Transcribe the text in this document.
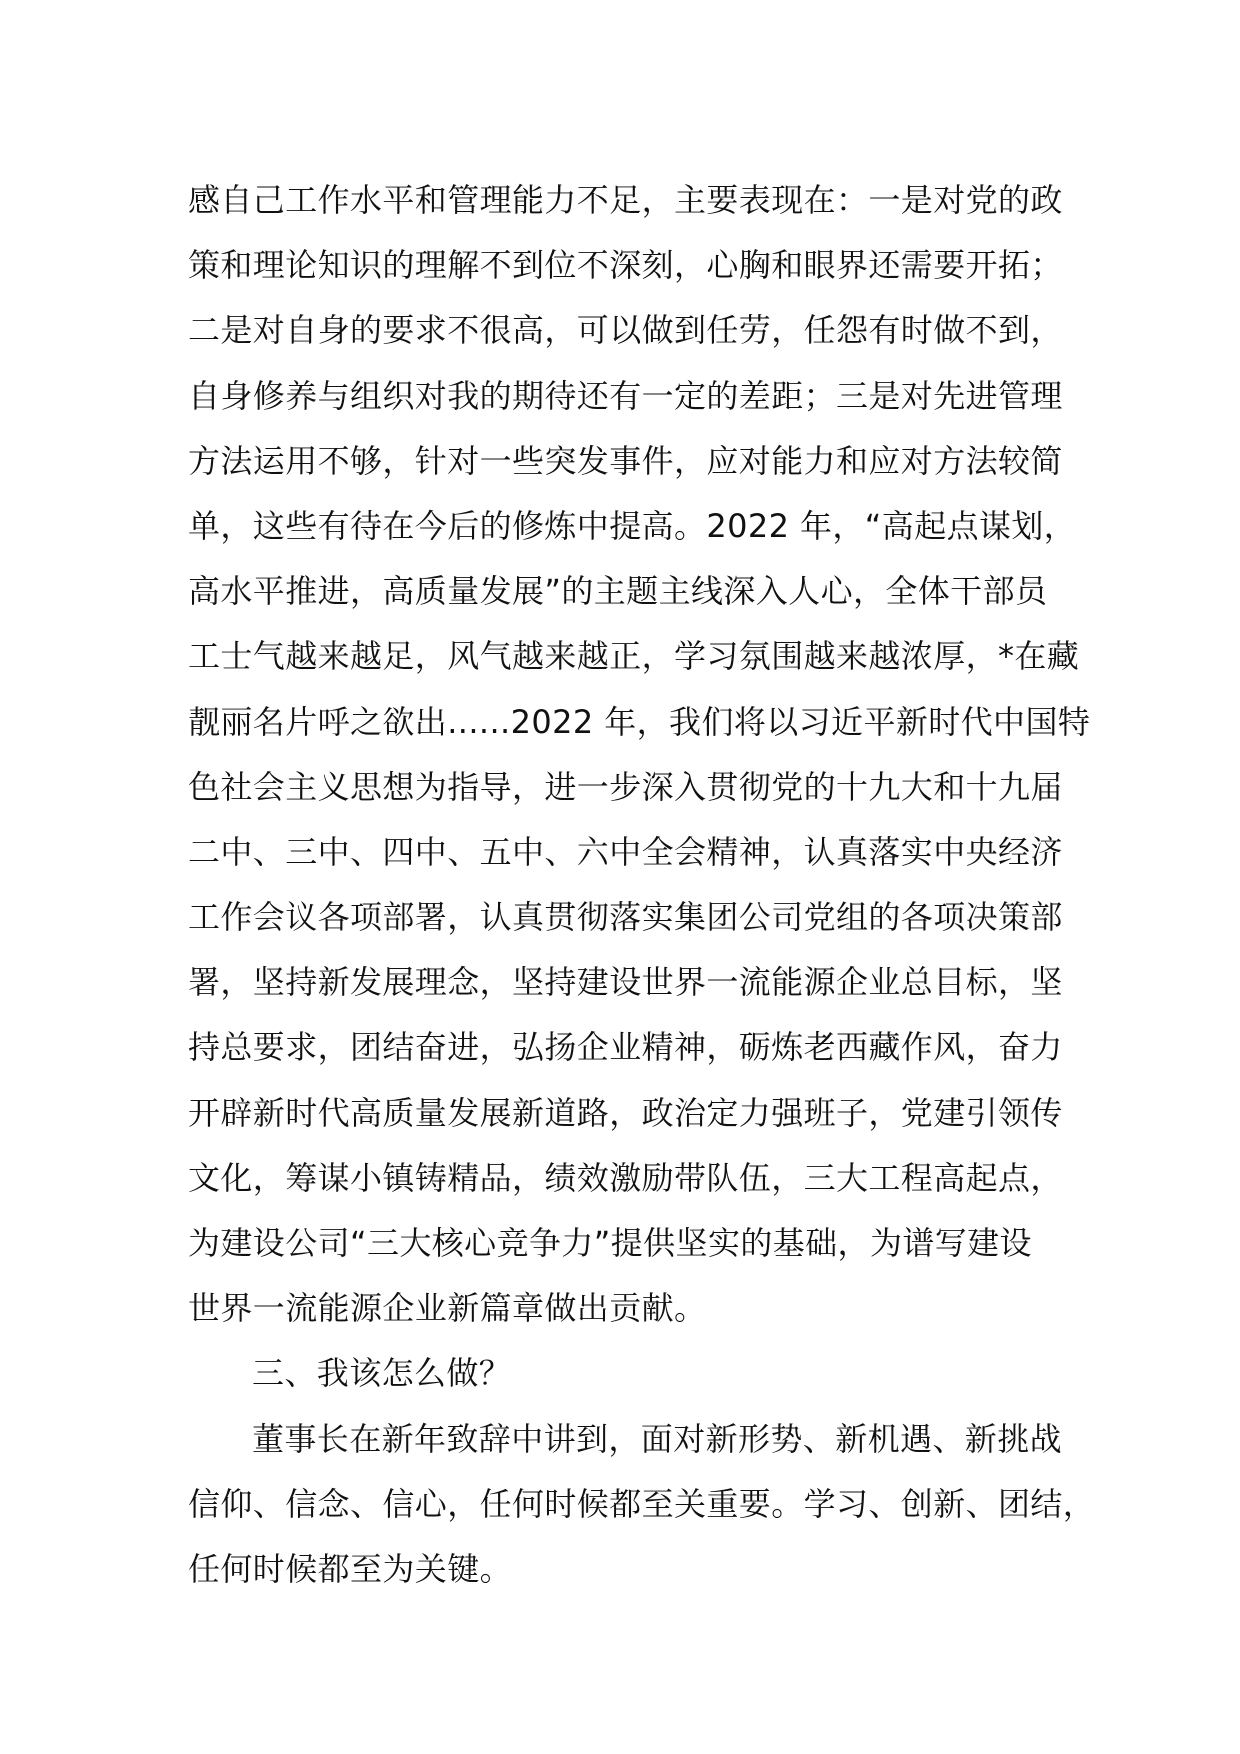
感自己工作水平和管理能力不足，主要表现在：一是对党的政
策和理论知识的理解不到位不深刻，心胸和眼界还需要开拓；
二是对自身的要求不很高，可以做到任劳，任怨有时做不到，
自身修养与组织对我的期待还有一定的差距；三是对先进管理
方法运用不够，针对一些突发事件，应对能力和应对方法较简
单，这些有待在今后的修炼中提高。2022 年，“高起点谋划，
高水平推进，高质量发展”的主题主线深入人心，全体干部员
工士气越来越足，风气越来越正，学习氛围越来越浓厚，*在藏
靓丽名片呼之欲出......2022 年，我们将以习近平新时代中国特
色社会主义思想为指导，进一步深入贯彻党的十九大和十九届
二中、三中、四中、五中、六中全会精神，认真落实中央经济
工作会议各项部署，认真贯彻落实集团公司党组的各项决策部
署，坚持新发展理念，坚持建设世界一流能源企业总目标，坚
持总要求，团结奋进，弘扬企业精神，砺炼老西藏作风，奋力
开辟新时代高质量发展新道路，政治定力强班子，党建引领传
文化，筹谋小镇铸精品，绩效激励带队伍，三大工程高起点，
为建设公司“三大核心竞争力”提供坚实的基础，为谱写建设
世界一流能源企业新篇章做出贡献。
三、我该怎么做？
董事长在新年致辞中讲到，面对新形势、新机遇、新挑战
信仰、信念、信心，任何时候都至关重要。学习、创新、团结，
任何时候都至为关键。
